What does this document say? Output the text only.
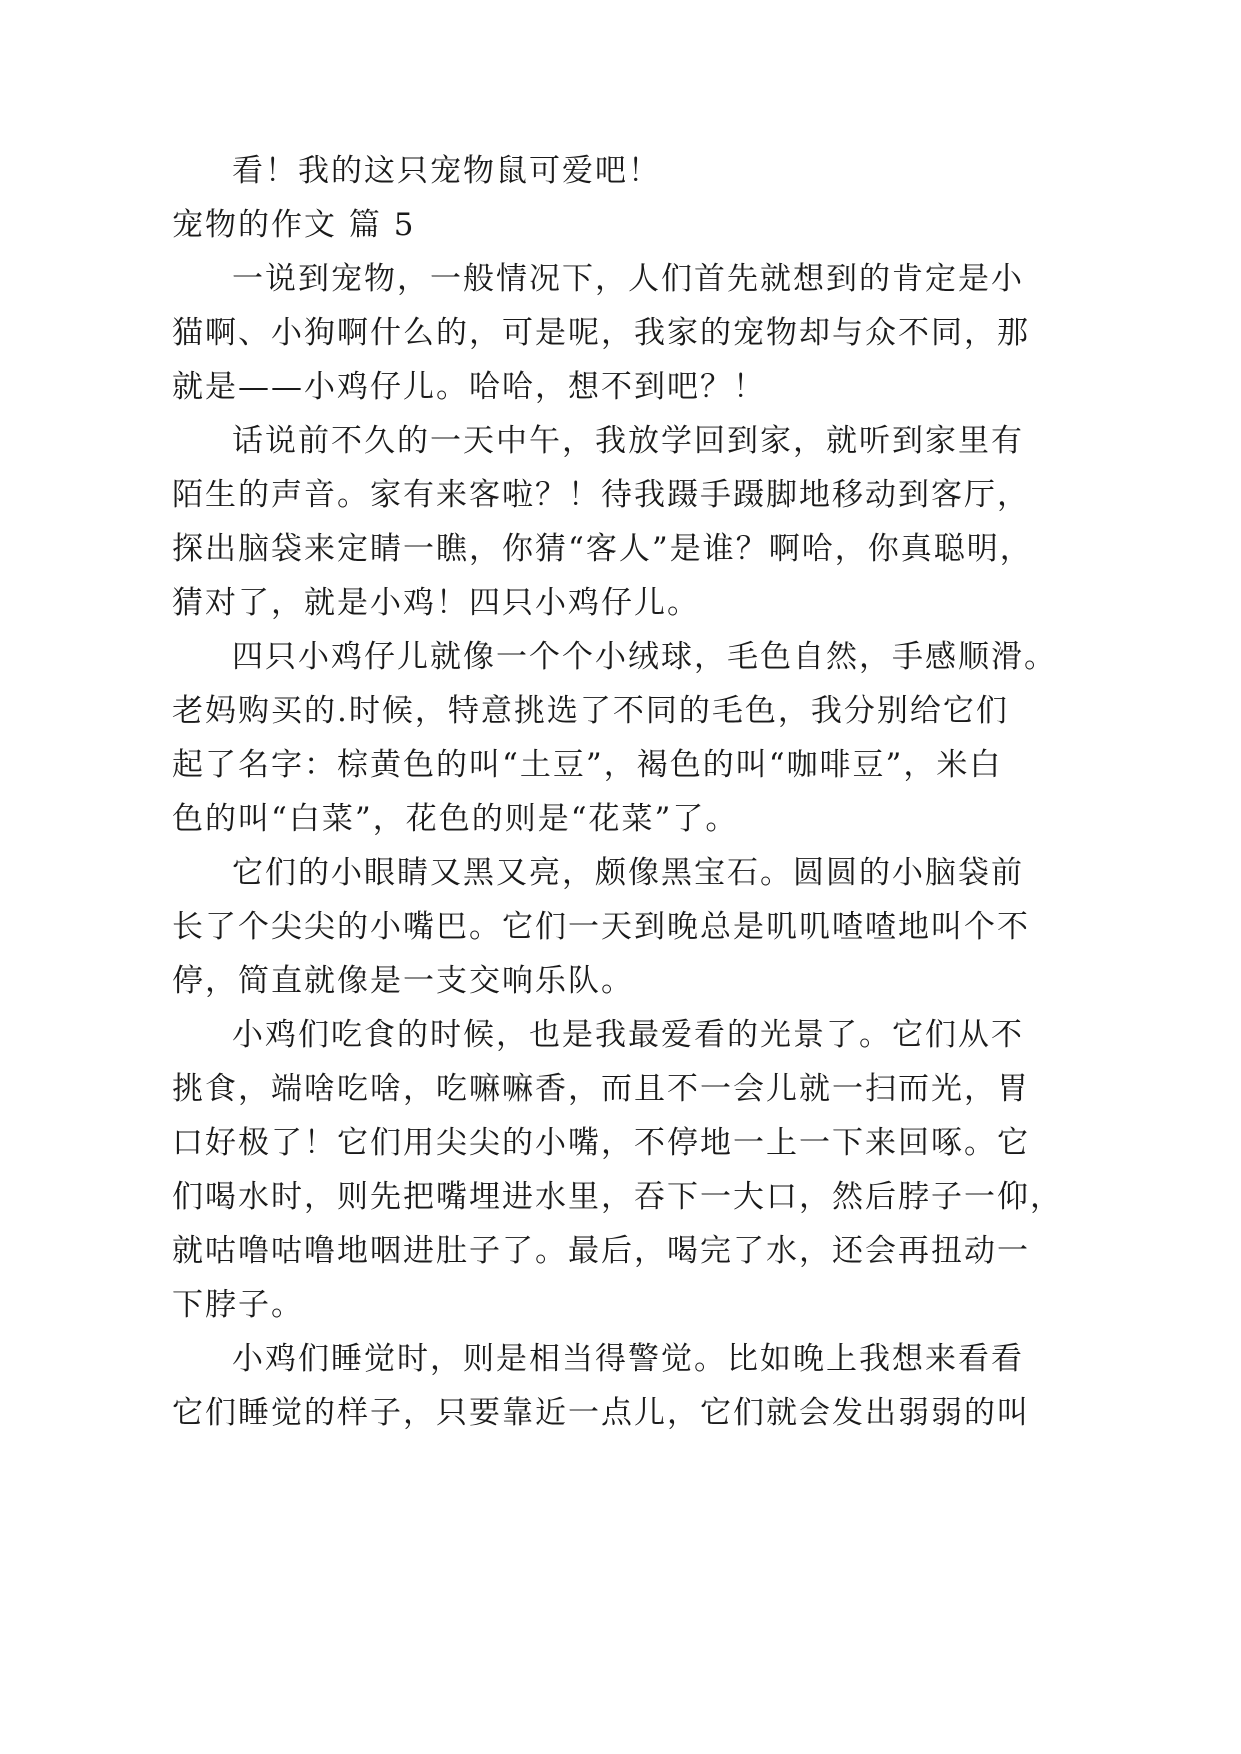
看！我的这只宠物鼠可爱吧！
宠物的作文 篇 5
一说到宠物，一般情况下，人们首先就想到的肯定是小
猫啊、小狗啊什么的，可是呢，我家的宠物却与众不同，那
就是——小鸡仔儿。哈哈，想不到吧？！
话说前不久的一天中午，我放学回到家，就听到家里有
陌生的声音。家有来客啦？！待我蹑手蹑脚地移动到客厅，
探出脑袋来定睛一瞧，你猜“客人”是谁？啊哈，你真聪明，
猜对了，就是小鸡！四只小鸡仔儿。
四只小鸡仔儿就像一个个小绒球，毛色自然，手感顺滑。
老妈购买的.时候，特意挑选了不同的毛色，我分别给它们
起了名字：棕黄色的叫“土豆”，褐色的叫“咖啡豆”，米白
色的叫“白菜”，花色的则是“花菜”了。
它们的小眼睛又黑又亮，颇像黑宝石。圆圆的小脑袋前
长了个尖尖的小嘴巴。它们一天到晚总是叽叽喳喳地叫个不
停，简直就像是一支交响乐队。
小鸡们吃食的时候，也是我最爱看的光景了。它们从不
挑食，端啥吃啥，吃嘛嘛香，而且不一会儿就一扫而光，胃
口好极了！它们用尖尖的小嘴，不停地一上一下来回啄。它
们喝水时，则先把嘴埋进水里，吞下一大口，然后脖子一仰，
就咕噜咕噜地咽进肚子了。最后，喝完了水，还会再扭动一
下脖子。
小鸡们睡觉时，则是相当得警觉。比如晚上我想来看看
它们睡觉的样子，只要靠近一点儿，它们就会发出弱弱的叫
